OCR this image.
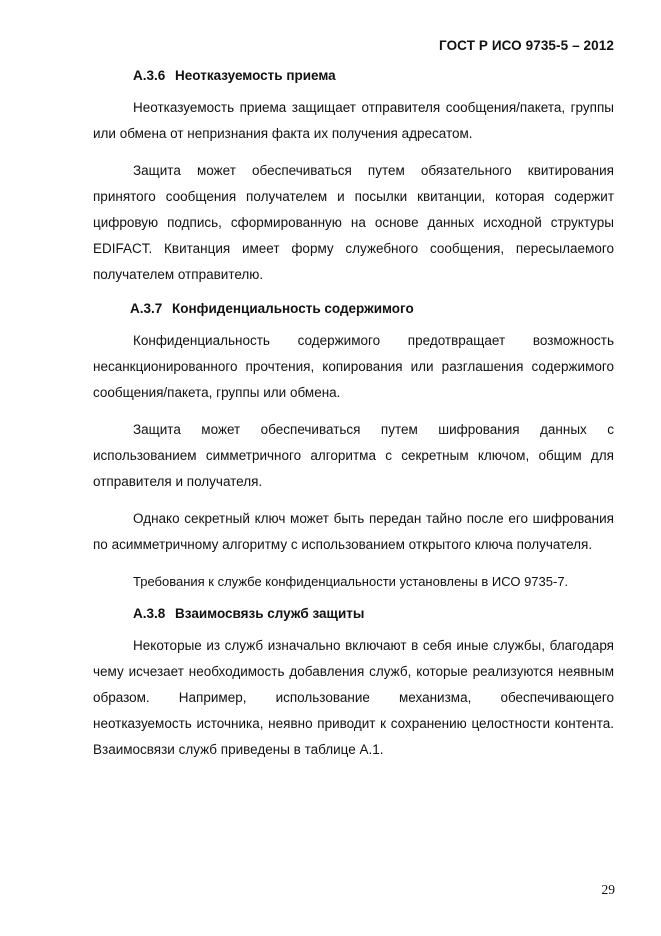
ГОСТ Р ИСО 9735-5 – 2012
А.3.6 Неотказуемость приема

Неотказуемость приема защищает отправителя сообщения/пакета, группы или обмена от непризнания факта их получения адресатом.

Защита может обеспечиваться путем обязательного квитирования принятого сообщения получателем и посылки квитанции, которая содержит цифровую подпись, сформированную на основе данных исходной структуры EDIFACT. Квитанция имеет форму служебного сообщения, пересылаемого получателем отправителю.

А.3.7 Конфиденциальность содержимого

Конфиденциальность содержимого предотвращает возможность несанкционированного прочтения, копирования или разглашения содержимого сообщения/пакета, группы или обмена.

Защита может обеспечиваться путем шифрования данных с использованием симметричного алгоритма с секретным ключом, общим для отправителя и получателя.

Однако секретный ключ может быть передан тайно после его шифрования по асимметричному алгоритму с использованием открытого ключа получателя.

Требования к службе конфиденциальности установлены в ИСО 9735-7.

А.3.8 Взаимосвязь служб защиты

Некоторые из служб изначально включают в себя иные службы, благодаря чему исчезает необходимость добавления служб, которые реализуются неявным образом. Например, использование механизма, обеспечивающего неотказуемость источника, неявно приводит к сохранению целостности контента. Взаимосвязи служб приведены в таблице А.1.

29
